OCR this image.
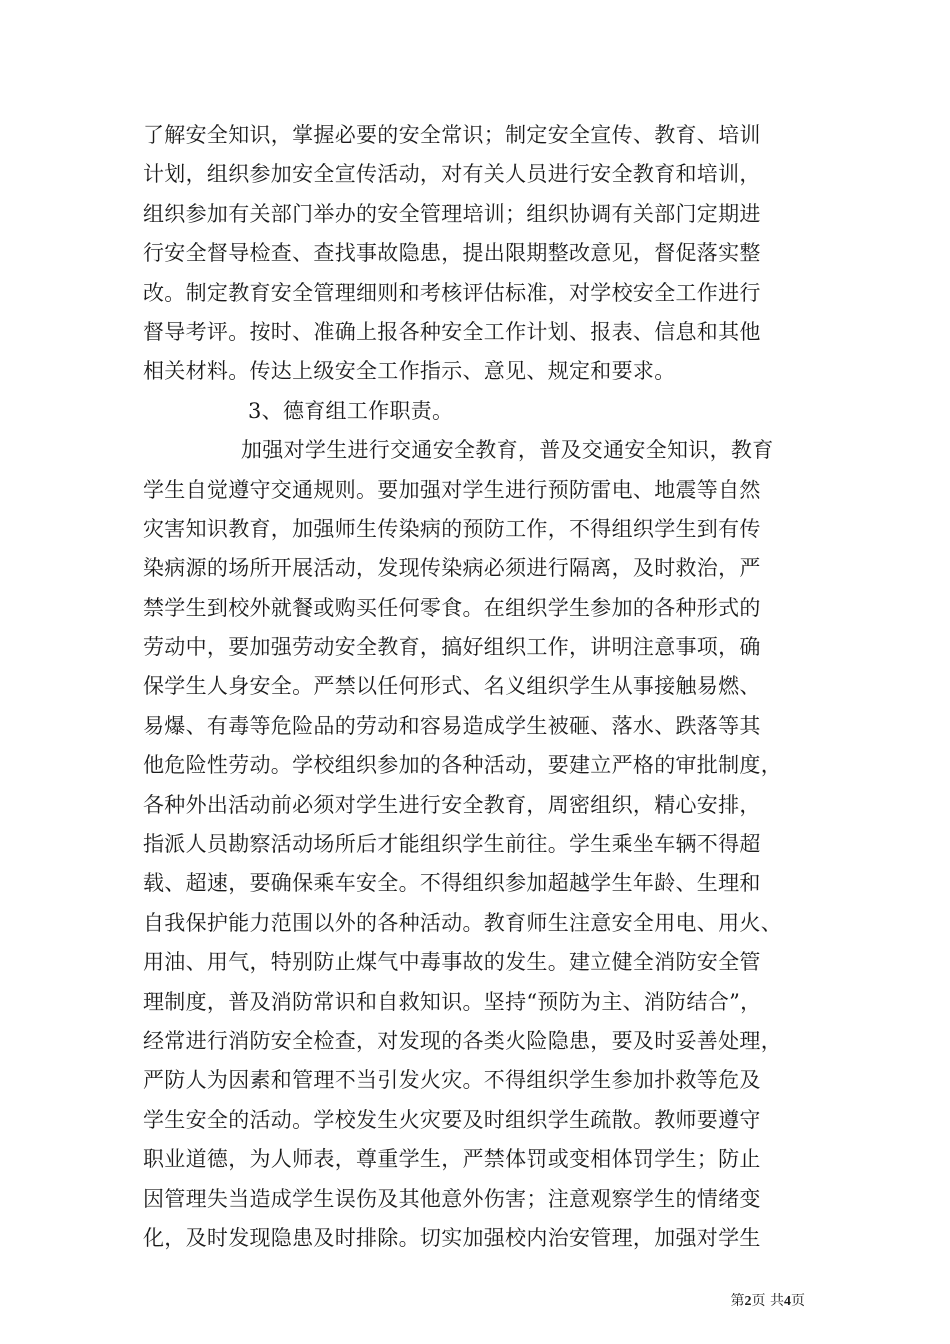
了解安全知识，掌握必要的安全常识；制定安全宣传、教育、培训
计划，组织参加安全宣传活动，对有关人员进行安全教育和培训，
组织参加有关部门举办的安全管理培训；组织协调有关部门定期进
行安全督导检查、查找事故隐患，提出限期整改意见，督促落实整
改。制定教育安全管理细则和考核评估标准，对学校安全工作进行
督导考评。按时、准确上报各种安全工作计划、报表、信息和其他
相关材料。传达上级安全工作指示、意见、规定和要求。
3、德育组工作职责。
加强对学生进行交通安全教育，普及交通安全知识，教育
学生自觉遵守交通规则。要加强对学生进行预防雷电、地震等自然
灾害知识教育，加强师生传染病的预防工作，不得组织学生到有传
染病源的场所开展活动，发现传染病必须进行隔离，及时救治，严
禁学生到校外就餐或购买任何零食。在组织学生参加的各种形式的
劳动中，要加强劳动安全教育，搞好组织工作，讲明注意事项，确
保学生人身安全。严禁以任何形式、名义组织学生从事接触易燃、
易爆、有毒等危险品的劳动和容易造成学生被砸、落水、跌落等其
他危险性劳动。学校组织参加的各种活动，要建立严格的审批制度，
各种外出活动前必须对学生进行安全教育，周密组织，精心安排，
指派人员勘察活动场所后才能组织学生前往。学生乘坐车辆不得超
载、超速，要确保乘车安全。不得组织参加超越学生年龄、生理和
自我保护能力范围以外的各种活动。教育师生注意安全用电、用火、
用油、用气，特别防止煤气中毒事故的发生。建立健全消防安全管
理制度，普及消防常识和自救知识。坚持“预防为主、消防结合”，
经常进行消防安全检查，对发现的各类火险隐患，要及时妥善处理，
严防人为因素和管理不当引发火灾。不得组织学生参加扑救等危及
学生安全的活动。学校发生火灾要及时组织学生疏散。教师要遵守
职业道德，为人师表，尊重学生，严禁体罚或变相体罚学生；防止
因管理失当造成学生误伤及其他意外伤害；注意观察学生的情绪变
化，及时发现隐患及时排除。切实加强校内治安管理，加强对学生
第2页 共4页
